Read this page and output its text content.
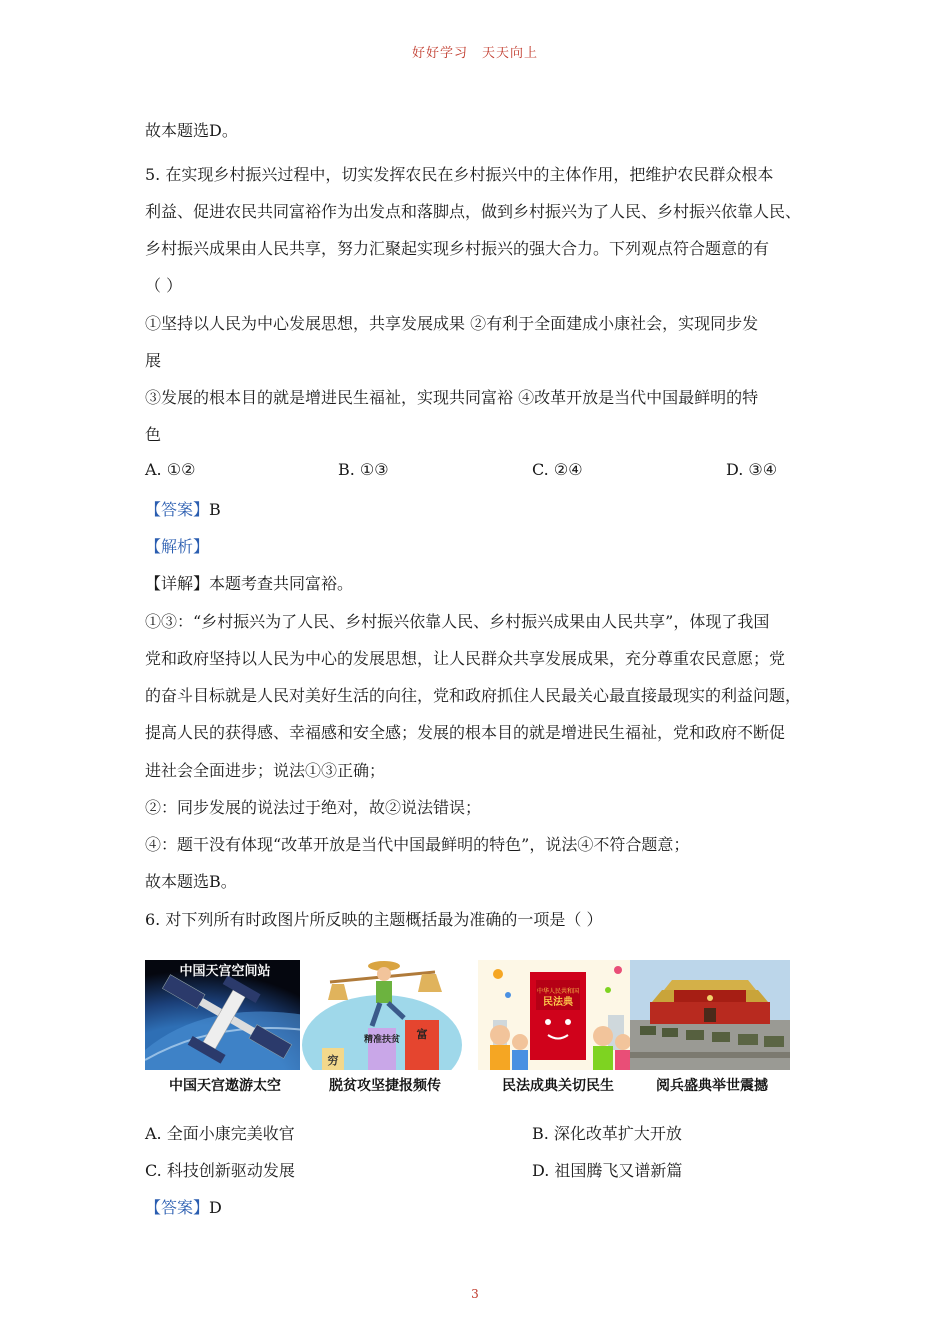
好好学习 天天向上
故本题选D。
5. 在实现乡村振兴过程中，切实发挥农民在乡村振兴中的主体作用，把维护农民群众根本
利益、促进农民共同富裕作为出发点和落脚点，做到乡村振兴为了人民、乡村振兴依靠人民、
乡村振兴成果由人民共享，努力汇聚起实现乡村振兴的强大合力。下列观点符合题意的有
（ ）
①坚持以人民为中心发展思想，共享发展成果 ②有利于全面建成小康社会，实现同步发
展
③发展的根本目的就是增进民生福祉，实现共同富裕 ④改革开放是当代中国最鲜明的特
色
A. ①②	B. ①③	C. ②④	D. ③④
【答案】B
【解析】
【详解】本题考查共同富裕。
①③：“乡村振兴为了人民、乡村振兴依靠人民、乡村振兴成果由人民共享”，体现了我国
党和政府坚持以人民为中心的发展思想，让人民群众共享发展成果，充分尊重农民意愿；党
的奋斗目标就是人民对美好生活的向往，党和政府抓住人民最关心最直接最现实的利益问题，
提高人民的获得感、幸福感和安全感；发展的根本目的就是增进民生福祉，党和政府不断促
进社会全面进步；说法①③正确；
②：同步发展的说法过于绝对，故②说法错误；
④：题干没有体现“改革开放是当代中国最鲜明的特色”，说法④不符合题意；
故本题选B。
6. 对下列所有时政图片所反映的主题概括最为准确的一项是（ ）
中国天宫空间站
中国天宫遨游太空
穷
精准扶贫 富
脱贫攻坚捷报频传
中华人民共和国
民法典
民法成典关切民生	阅兵盛典举世震撼
A. 全面小康完美收官	B. 深化改革扩大开放
C. 科技创新驱动发展	D. 祖国腾飞又谱新篇
【答案】D
3
